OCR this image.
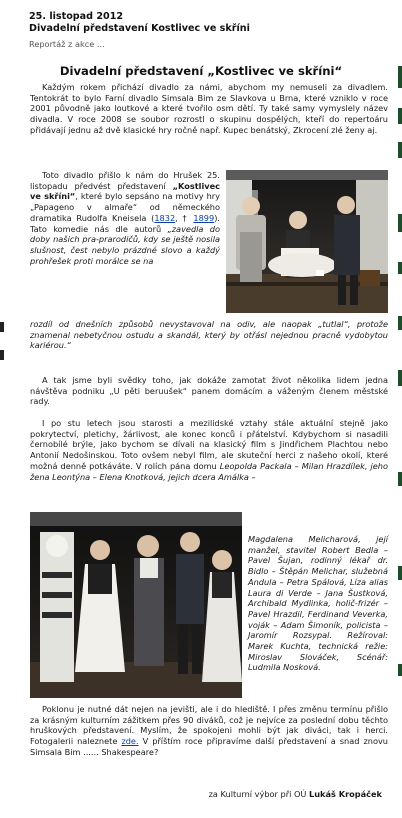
25. listopad 2012
Divadelní představení Kostlivec ve skříni
Reportáž z akce ...
Divadelní představení „Kostlivec ve skříni“
Každým rokem přichází divadlo za námi, abychom my nemuseli za divadlem. Tentokrát to bylo Farní divadlo Simsala Bim ze Slavkova u Brna, které vzniklo v roce 2001 původně jako loutkové a které tvořilo osm dětí. Ty také samy vymyslely název divadla. V roce 2008 se soubor rozrostl o skupinu dospělých, kteří do repertoáru přidávají jednu až dvě klasické hry ročně např. Kupec benátský, Zkrocení zlé ženy aj.
Toto divadlo přišlo k nám do Hrušek 25. listopadu předvést představení „Kostlivec ve skříni“, které bylo sepsáno na motivy hry „Papageno v almaře“ od německého dramatika Rudolfa Kneisela (1832, † 1899). Tato komedie nás dle autorů „zavedla do doby našich pra-prarodičů, kdy se ještě nosila slušnost, čest nebylo prázdné slovo a každý prohřešek proti morálce se na
rozdíl od dnešních způsobů nevystavoval na odiv, ale naopak „tutlal“, protože znamenal nebetyčnou ostudu a skandál, který by otřásl nejednou pracně vydobytou kariérou.“
A tak jsme byli svědky toho, jak dokáže zamotat život několika lidem jedna návštěva podniku „U pěti beruušek“ panem domácím a váženým členem městské rady.
I po stu letech jsou starosti a mezilidské vztahy stále aktuální stejně jako pokrytectví, pletichy, žárlivost, ale konec konců i přátelství. Kdybychom si nasadili černobílé brýle, jako bychom se dívali na klasický film s Jindřichem Plachtou nebo Antonií Nedošinskou. Toto ovšem nebyl film, ale skuteční herci z našeho okolí, které možná denně potkáváte. V rolích pána domu Leopolda Packala – Milan Hrazdílek, jeho žena Leontýna – Elena Knotková, jejich dcera Amálka –
Magdalena Melicharová, její manžel, stavitel Robert Bedla – Pavel Šujan, rodinný lékař dr. Bidlo – Štěpán Melichar, služebná Andula – Petra Spálová, Líza alias Laura di Verde – Jana Šustková, Archibald Mydlinka, holič-frizér – Pavel Hrazdil, Ferdinand Veverka, voják – Adam Šimoník, policista – Jaromír Rozsypal. Režíroval: Marek Kuchta, technická režie: Miroslav Slováček, Scénář: Ludmila Nosková.
Poklonu je nutné dát nejen na jevišti, ale i do hlediště. I přes změnu termínu přišlo za krásným kulturním zážitkem přes 90 diváků, což je nejvíce za poslední dobu těchto hruškových představení. Myslím, že spokojeni mohli být jak diváci, tak i herci. Fotogalerii naleznete zde. V příštím roce připravíme další představení a snad znovu Simsala Bim ...... Shakespeare?
za Kulturní výbor při OÚ Lukáš Kropáček
